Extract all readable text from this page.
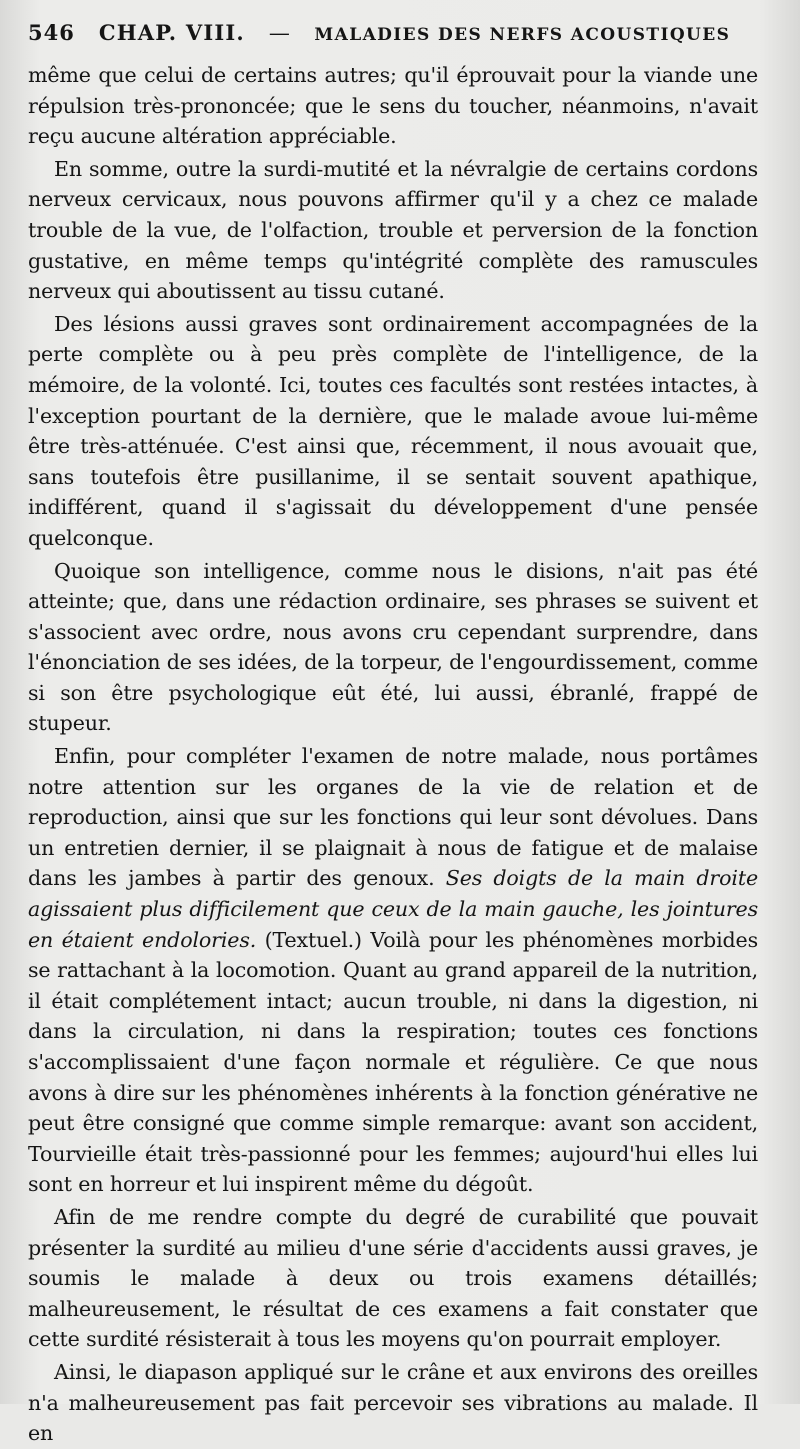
546 CHAP. VIII. — MALADIES DES NERFS ACOUSTIQUES

même que celui de certains autres; qu'il éprouvait pour la viande une répulsion très-prononcée; que le sens du toucher, néanmoins, n'avait reçu aucune altération appréciable.

En somme, outre la surdi-mutité et la névralgie de certains cordons nerveux cervicaux, nous pouvons affirmer qu'il y a chez ce malade trouble de la vue, de l'olfaction, trouble et perversion de la fonction gustative, en même temps qu'intégrité complète des ramuscules nerveux qui aboutissent au tissu cutané.

Des lésions aussi graves sont ordinairement accompagnées de la perte complète ou à peu près complète de l'intelligence, de la mémoire, de la volonté. Ici, toutes ces facultés sont restées intactes, à l'exception pourtant de la dernière, que le malade avoue lui-même être très-atténuée. C'est ainsi que, récemment, il nous avouait que, sans toutefois être pusillanime, il se sentait souvent apathique, indifférent, quand il s'agissait du développement d'une pensée quelconque.

Quoique son intelligence, comme nous le disions, n'ait pas été atteinte; que, dans une rédaction ordinaire, ses phrases se suivent et s'associent avec ordre, nous avons cru cependant surprendre, dans l'énonciation de ses idées, de la torpeur, de l'engourdissement, comme si son être psychologique eût été, lui aussi, ébranlé, frappé de stupeur.

Enfin, pour compléter l'examen de notre malade, nous portâmes notre attention sur les organes de la vie de relation et de reproduction, ainsi que sur les fonctions qui leur sont dévolues. Dans un entretien dernier, il se plaignait à nous de fatigue et de malaise dans les jambes à partir des genoux. Ses doigts de la main droite agissaient plus difficilement que ceux de la main gauche, les jointures en étaient endolories. (Textuel.) Voilà pour les phénomènes morbides se rattachant à la locomotion. Quant au grand appareil de la nutrition, il était complétement intact; aucun trouble, ni dans la digestion, ni dans la circulation, ni dans la respiration; toutes ces fonctions s'accomplissaient d'une façon normale et régulière. Ce que nous avons à dire sur les phénomènes inhérents à la fonction générative ne peut être consigné que comme simple remarque: avant son accident, Tourvieille était très-passionné pour les femmes; aujourd'hui elles lui sont en horreur et lui inspirent même du dégoût.

Afin de me rendre compte du degré de curabilité que pouvait présenter la surdité au milieu d'une série d'accidents aussi graves, je soumis le malade à deux ou trois examens détaillés; malheureusement, le résultat de ces examens a fait constater que cette surdité résisterait à tous les moyens qu'on pourrait employer.

Ainsi, le diapason appliqué sur le crâne et aux environs des oreilles n'a malheureusement pas fait percevoir ses vibrations au malade. Il en
